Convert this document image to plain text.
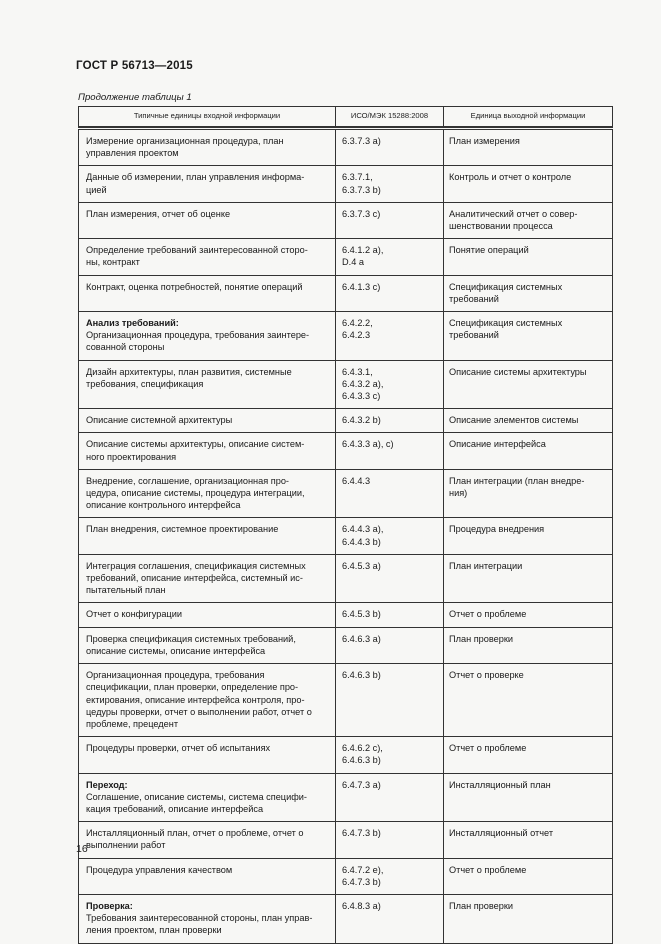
ГОСТ Р 56713—2015
Продолжение таблицы 1
Типичные единицы входной информации	ИСО/МЭК 15288:2008	Единица выходной информации

Измерение организационная процедура, план
управления проектом	6.3.7.3 a)	План измерения
Данные об измерении, план управления информа-
цией	6.3.7.1,
6.3.7.3 b)	Контроль и отчет о контроле
План измерения, отчет об оценке	6.3.7.3 c)	Аналитический отчет о совер-
шенствовании процесса
Определение требований заинтересованной сторо-
ны, контракт	6.4.1.2 a),
D.4 a	Понятие операций
Контракт, оценка потребностей, понятие операций	6.4.1.3 c)	Спецификация системных
требований

Анализ требований:
Организационная процедура, требования заинтере-
сованной стороны	6.4.2.2,
6.4.2.3	Спецификация системных
требований
Дизайн архитектуры, план развития, системные
требования, спецификация	6.4.3.1,
6.4.3.2 a),
6.4.3.3 c)	Описание системы архитектуры
Описание системной архитектуры	6.4.3.2 b)	Описание элементов системы
Описание системы архитектуры, описание систем-
ного проектирования	6.4.3.3 a), c)	Описание интерфейса
Внедрение, соглашение, организационная про-
цедура, описание системы, процедура интеграции,
описание контрольного интерфейса	6.4.4.3	План интеграции (план внедре-
ния)
План внедрения, системное проектирование	6.4.4.3 a),
6.4.4.3 b)	Процедура внедрения
Интеграция соглашения, спецификация системных
требований, описание интерфейса, системный ис-
пытательный план	6.4.5.3 a)	План интеграции
Отчет о конфигурации	6.4.5.3 b)	Отчет о проблеме
Проверка спецификация системных требований,
описание системы, описание интерфейса	6.4.6.3 a)	План проверки
Организационная процедура, требования
спецификации, план проверки, определение про-
ектирования, описание интерфейса контроля, про-
цедуры проверки, отчет о выполнении работ, отчет о
проблеме, прецедент	6.4.6.3 b)	Отчет о проверке
Процедуры проверки, отчет об испытаниях	6.4.6.2 c),
6.4.6.3 b)	Отчет о проблеме

Переход:
Соглашение, описание системы, система специфи-
кация требований, описание интерфейса	6.4.7.3 a)	Инсталляционный план
Инсталляционный план, отчет о проблеме, отчет о
выполнении работ	6.4.7.3 b)	Инсталляционный отчет
Процедура управления качеством	6.4.7.2 e),
6.4.7.3 b)	Отчет о проблеме

Проверка:
Требования заинтересованной стороны, план управ-
ления проектом, план проверки	6.4.8.3 a)	План проверки
16
